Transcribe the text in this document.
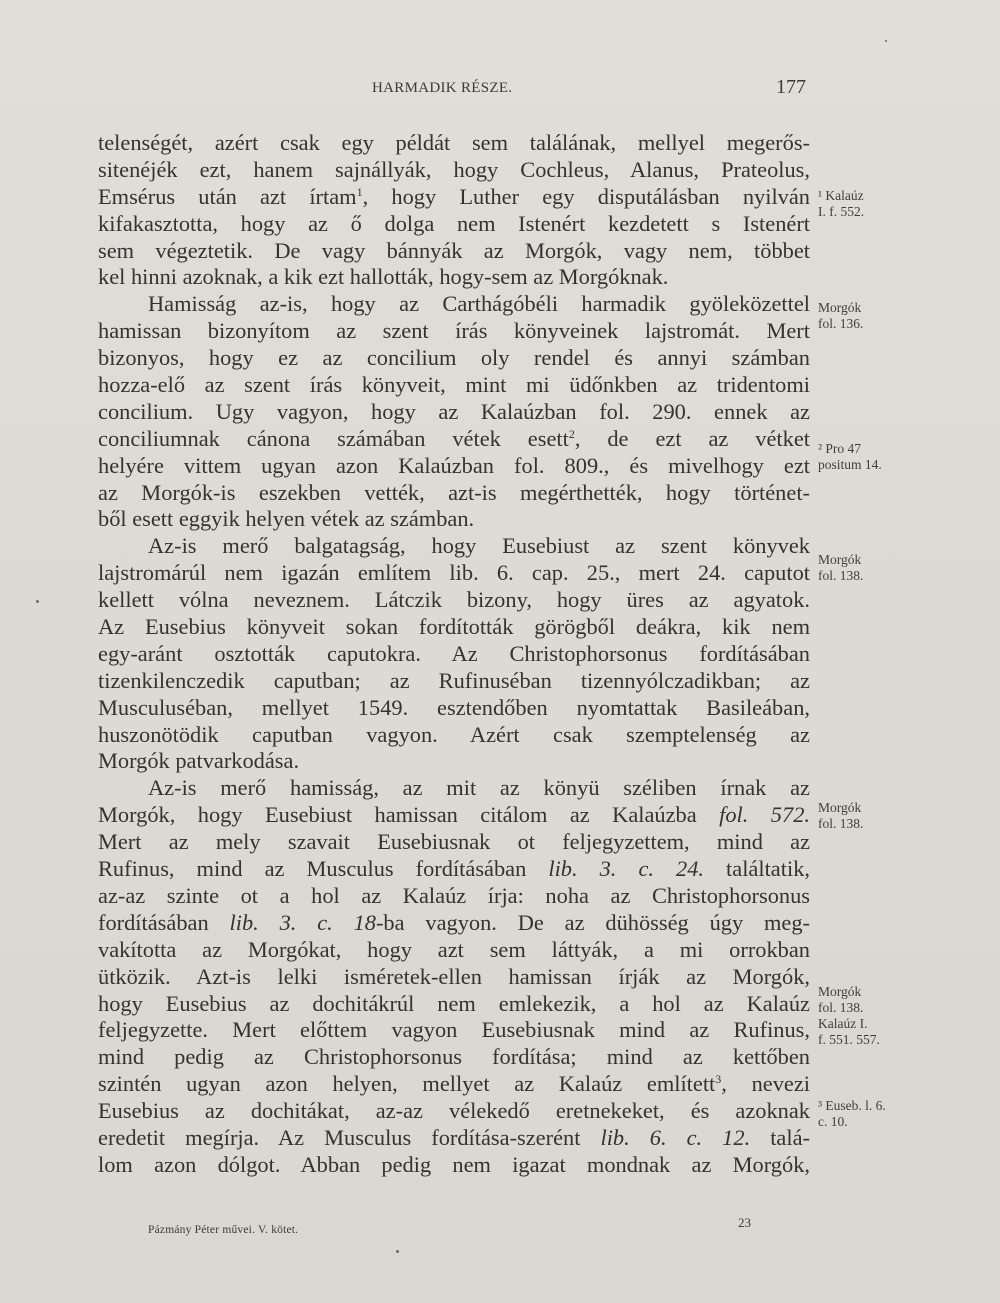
HARMADIK RÉSZE.	177
telenségét, azért csak egy példát sem találának, mellyel megerős-
sitenéjék ezt, hanem sajnállyák, hogy Cochleus, Alanus, Prateolus,
Emsérus után azt írtam$^1$, hogy Luther egy disputálásban nyilván
kifakasztotta, hogy az ő dolga nem Istenért kezdetett s Istenért
sem végeztetik. De vagy bánnyák az Morgók, vagy nem, többet
kel hinni azoknak, a kik ezt hallották, hogy-sem az Morgóknak.
Hamisság az-is, hogy az Carthágóbéli harmadik gyöleközettel
hamissan bizonyítom az szent írás könyveinek lajstromát. Mert
bizonyos, hogy ez az concilium oly rendel és annyi számban
hozza-elő az szent írás könyveit, mint mi üdőnkben az tridentomi
concilium. Ugy vagyon, hogy az Kalaúzban fol. 290. ennek az
conciliumnak cánona számában vétek esett$^2$, de ezt az vétket
helyére vittem ugyan azon Kalaúzban fol. 809., és mivelhogy ezt
az Morgók-is eszekben vették, azt-is megérthették, hogy történet-
ből esett eggyik helyen vétek az számban.
Az-is merő balgatagság, hogy Eusebiust az szent könyvek
lajstromárúl nem igazán említem lib. 6. cap. 25., mert 24. caputot
kellett vólna neveznem. Látczik bizony, hogy üres az agyatok.
Az Eusebius könyveit sokan fordították görögből deákra, kik nem
egy-aránt osztották caputokra. Az Christophorsonus fordításában
tizenkilenczedik caputban; az Rufinuséban tizennyólczadikban; az
Musculuséban, mellyet 1549. esztendőben nyomtattak Basileában,
huszonötödik caputban vagyon. Azért csak szemptelenség az
Morgók patvarkodása.
Az-is merő hamisság, az mit az könyü széliben írnak az
Morgók, hogy Eusebiust hamissan citálom az Kalaúzba fol. 572.
Mert az mely szavait Eusebiusnak ot feljegyzettem, mind az
Rufinus, mind az Musculus fordításában lib. 3. c. 24. találtatik,
az-az szinte ot a hol az Kalaúz írja: noha az Christophorsonus
fordításában lib. 3. c. 18-ba vagyon. De az dühösség úgy meg-
vakította az Morgókat, hogy azt sem láttyák, a mi orrokban
ütközik. Azt-is lelki isméretek-ellen hamissan írják az Morgók,
hogy Eusebius az dochitákrúl nem emlekezik, a hol az Kalaúz
feljegyzette. Mert előttem vagyon Eusebiusnak mind az Rufinus,
mind pedig az Christophorsonus fordítása; mind az kettőben
szintén ugyan azon helyen, mellyet az Kalaúz említett$^3$, nevezi
Eusebius az dochitákat, az-az vélekedő eretnekeket, és azoknak
eredetit megírja. Az Musculus fordítása-szerént lib. 6. c. 12. talá-
lom azon dólgot. Abban pedig nem igazat mondnak az Morgók,
¹ Kalaúz
I. f. 552.
Morgók
fol. 136.
² Pro 47
positum 14.
Morgók
fol. 138.
Morgók
fol. 138.
Morgók
fol. 138.
Kalaúz I.
f. 551. 557.
³ Euseb. l. 6.
c. 10.
Pázmány Péter művei. V. kötet.	23
